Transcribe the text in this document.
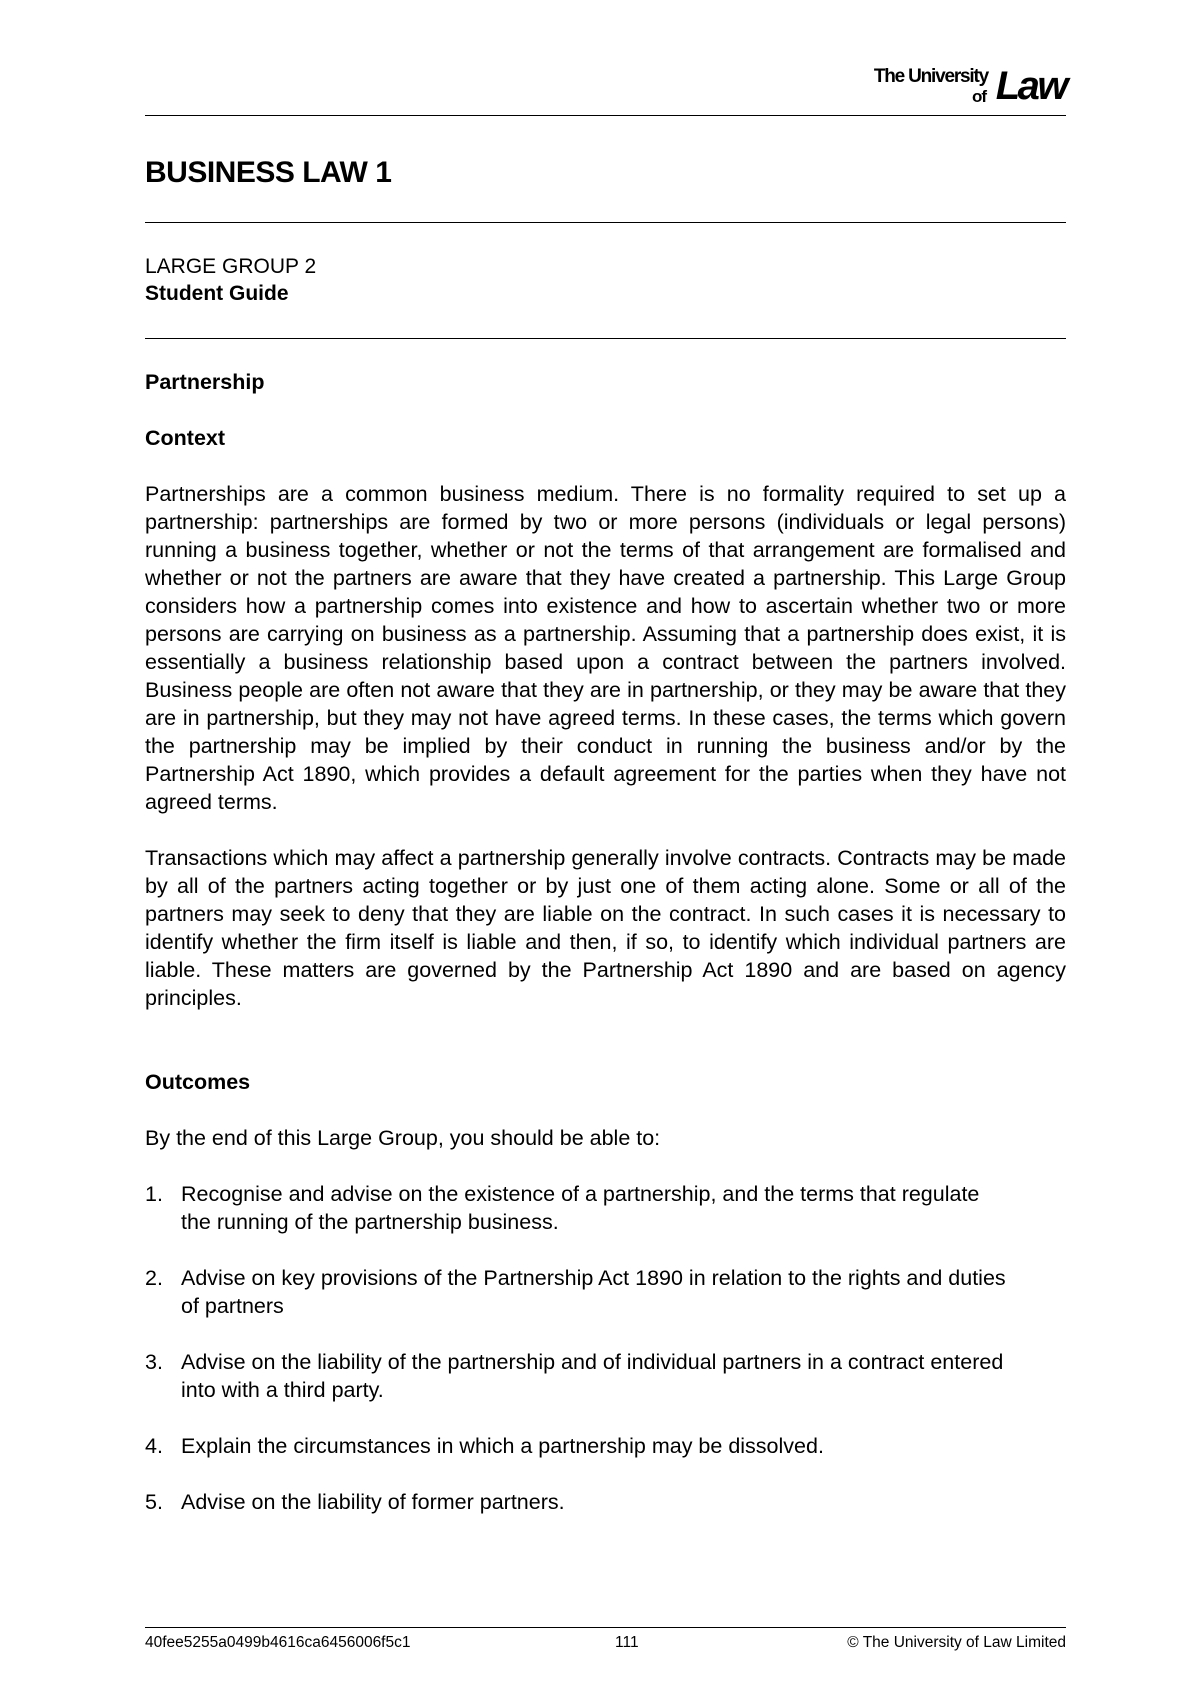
The University
of Law
BUSINESS LAW 1
LARGE GROUP 2
Student Guide
Partnership
Context

Partnerships are a common business medium. There is no formality required to set up a partnership: partnerships are formed by two or more persons (individuals or legal persons) running a business together, whether or not the terms of that arrangement are formalised and whether or not the partners are aware that they have created a partnership. This Large Group considers how a partnership comes into existence and how to ascertain whether two or more persons are carrying on business as a partnership. Assuming that a partnership does exist, it is essentially a business relationship based upon a contract between the partners involved. Business people are often not aware that they are in partnership, or they may be aware that they are in partnership, but they may not have agreed terms. In these cases, the terms which govern the partnership may be implied by their conduct in running the business and/or by the Partnership Act 1890, which provides a default agreement for the parties when they have not agreed terms.

Transactions which may affect a partnership generally involve contracts. Contracts may be made by all of the partners acting together or by just one of them acting alone. Some or all of the partners may seek to deny that they are liable on the contract. In such cases it is necessary to identify whether the firm itself is liable and then, if so, to identify which individual partners are liable. These matters are governed by the Partnership Act 1890 and are based on agency principles.

Outcomes

By the end of this Large Group, you should be able to:

1. Recognise and advise on the existence of a partnership, and the terms that regulate the running of the partnership business.
2. Advise on key provisions of the Partnership Act 1890 in relation to the rights and duties of partners
3. Advise on the liability of the partnership and of individual partners in a contract entered into with a third party.
4. Explain the circumstances in which a partnership may be dissolved.
5. Advise on the liability of former partners.
40fee5255a0499b4616ca6456006f5c1	111	© The University of Law Limited
